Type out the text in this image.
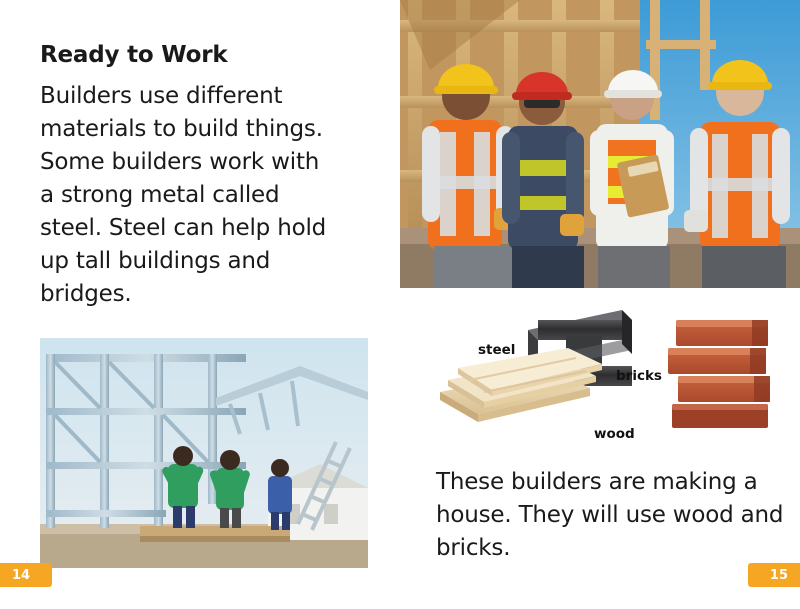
Ready to Work
Builders use different materials to build things. Some builders work with a strong metal called steel. Steel can help hold up tall buildings and bridges.
14
steel
bricks
wood
These builders are making a house. They will use wood and bricks.
15
